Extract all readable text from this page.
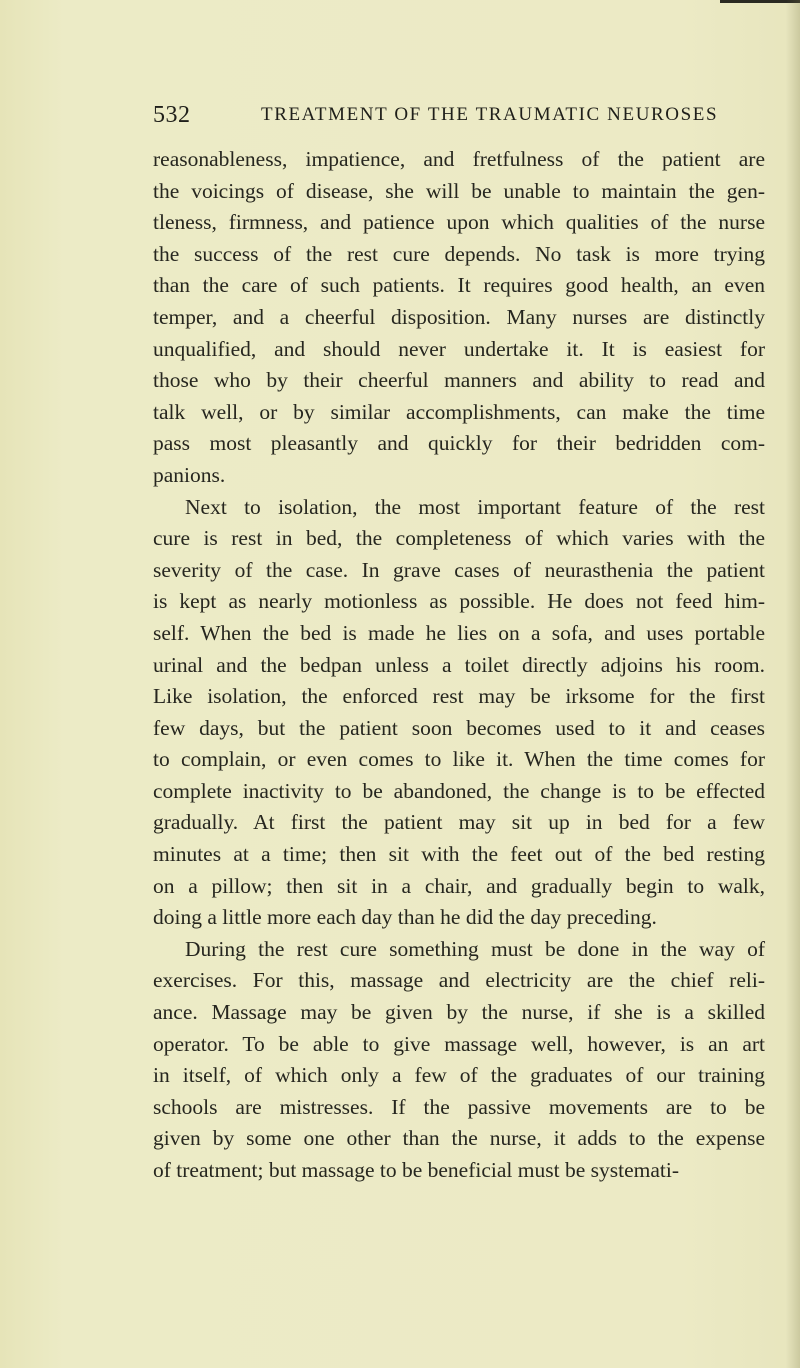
532	TREATMENT OF THE TRAUMATIC NEUROSES
reasonableness, impatience, and fretfulness of the patient are
the voicings of disease, she will be unable to maintain the gen-
tleness, firmness, and patience upon which qualities of the nurse
the success of the rest cure depends. No task is more trying
than the care of such patients. It requires good health, an even
temper, and a cheerful disposition. Many nurses are distinctly
unqualified, and should never undertake it. It is easiest for
those who by their cheerful manners and ability to read and
talk well, or by similar accomplishments, can make the time
pass most pleasantly and quickly for their bedridden com-
panions.
Next to isolation, the most important feature of the rest
cure is rest in bed, the completeness of which varies with the
severity of the case. In grave cases of neurasthenia the patient
is kept as nearly motionless as possible. He does not feed him-
self. When the bed is made he lies on a sofa, and uses portable
urinal and the bedpan unless a toilet directly adjoins his room.
Like isolation, the enforced rest may be irksome for the first
few days, but the patient soon becomes used to it and ceases
to complain, or even comes to like it. When the time comes for
complete inactivity to be abandoned, the change is to be effected
gradually. At first the patient may sit up in bed for a few
minutes at a time; then sit with the feet out of the bed resting
on a pillow; then sit in a chair, and gradually begin to walk,
doing a little more each day than he did the day preceding.
During the rest cure something must be done in the way of
exercises. For this, massage and electricity are the chief reli-
ance. Massage may be given by the nurse, if she is a skilled
operator. To be able to give massage well, however, is an art
in itself, of which only a few of the graduates of our training
schools are mistresses. If the passive movements are to be
given by some one other than the nurse, it adds to the expense
of treatment; but massage to be beneficial must be systemati-
